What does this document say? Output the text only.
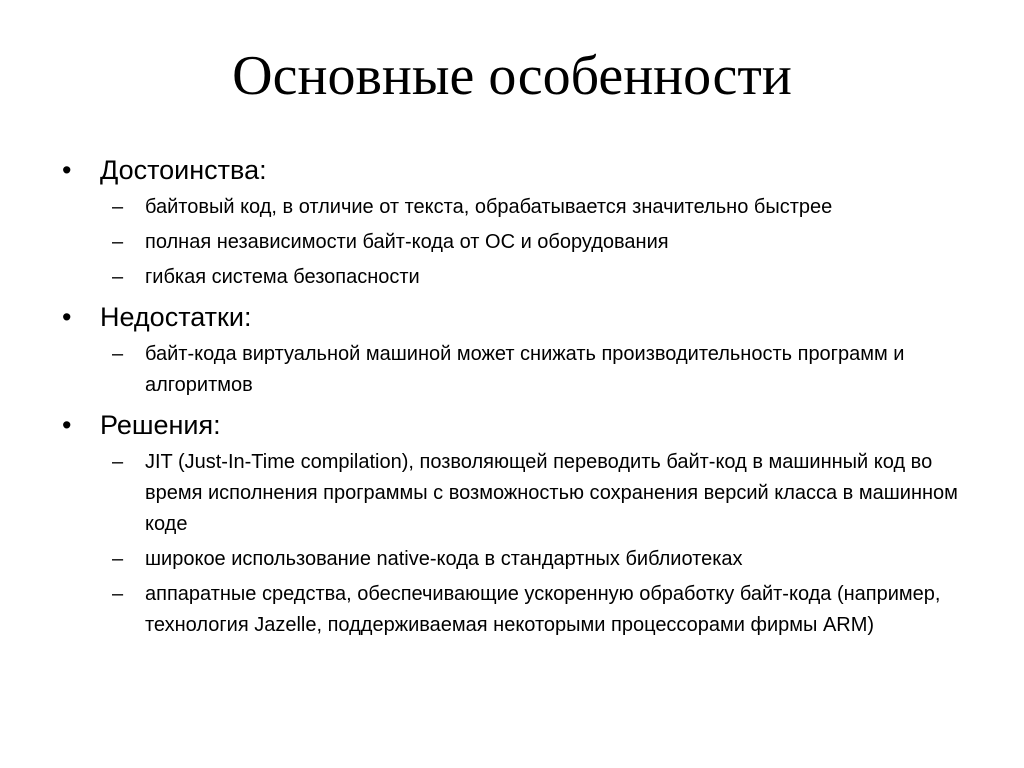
Основные особенности
•	Достоинства:
– байтовый код, в отличие от текста, обрабатывается значительно быстрее
– полная независимости байт-кода от ОС и оборудования
– гибкая система безопасности
•	Недостатки:
– байт-кода виртуальной машиной может снижать производительность программ и алгоритмов
•	Решения:
– JIT (Just-In-Time compilation), позволяющей переводить байт-код в машинный код во время исполнения программы с возможностью сохранения версий класса в машинном коде
– широкое использование native-кода в стандартных библиотеках
– аппаратные средства, обеспечивающие ускоренную обработку байт-кода (например, технология Jazelle, поддерживаемая некоторыми процессорами фирмы ARM)
